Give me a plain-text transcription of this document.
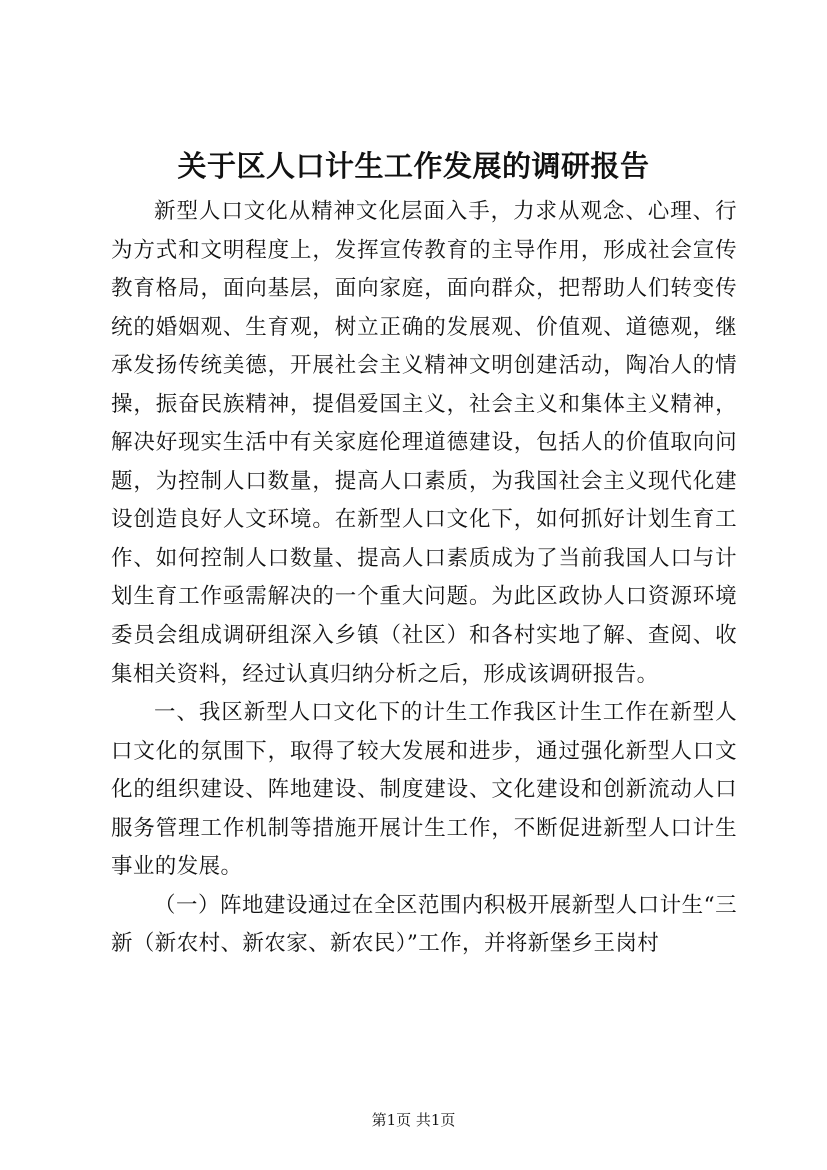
关于区人口计生工作发展的调研报告

新型人口文化从精神文化层面入手，力求从观念、心理、行为方式和文明程度上，发挥宣传教育的主导作用，形成社会宣传教育格局，面向基层，面向家庭，面向群众，把帮助人们转变传统的婚姻观、生育观，树立正确的发展观、价值观、道德观，继承发扬传统美德，开展社会主义精神文明创建活动，陶冶人的情操，振奋民族精神，提倡爱国主义，社会主义和集体主义精神，解决好现实生活中有关家庭伦理道德建设，包括人的价值取向问题，为控制人口数量，提高人口素质，为我国社会主义现代化建设创造良好人文环境。在新型人口文化下，如何抓好计划生育工作、如何控制人口数量、提高人口素质成为了当前我国人口与计划生育工作亟需解决的一个重大问题。为此区政协人口资源环境委员会组成调研组深入乡镇（社区）和各村实地了解、查阅、收集相关资料，经过认真归纳分析之后，形成该调研报告。

一、我区新型人口文化下的计生工作我区计生工作在新型人口文化的氛围下，取得了较大发展和进步，通过强化新型人口文化的组织建设、阵地建设、制度建设、文化建设和创新流动人口服务管理工作机制等措施开展计生工作，不断促进新型人口计生事业的发展。

（一）阵地建设通过在全区范围内积极开展新型人口计生“三新（新农村、新农家、新农民）”工作，并将新堡乡王岗村

第1页 共1页
